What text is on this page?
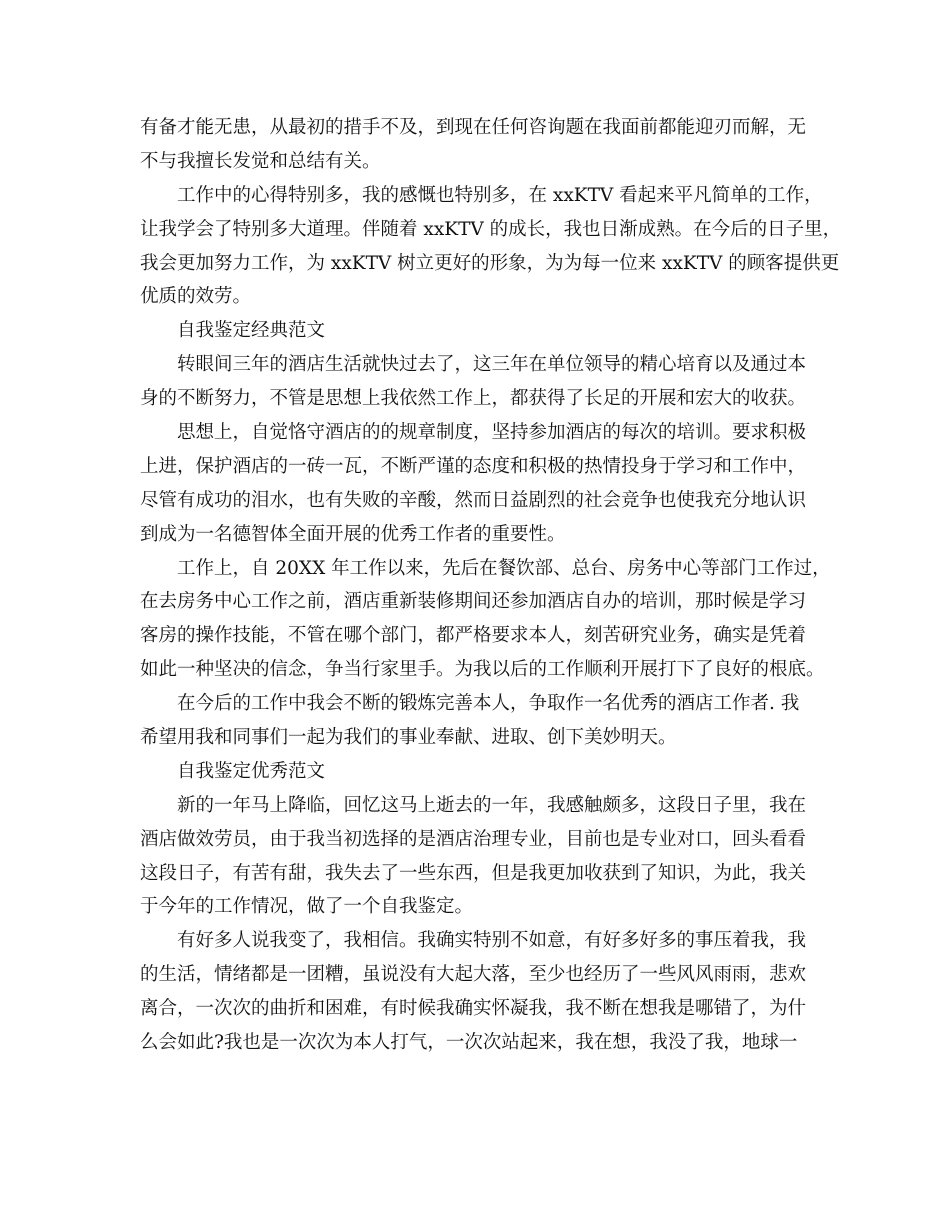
有备才能无患，从最初的措手不及，到现在任何咨询题在我面前都能迎刃而解，无
不与我擅长发觉和总结有关。
工作中的心得特别多，我的感慨也特别多，在 xxKTV 看起来平凡简单的工作，
让我学会了特别多大道理。伴随着 xxKTV 的成长，我也日渐成熟。在今后的日子里，
我会更加努力工作，为 xxKTV 树立更好的形象，为为每一位来 xxKTV 的顾客提供更
优质的效劳。
自我鉴定经典范文
转眼间三年的酒店生活就快过去了，这三年在单位领导的精心培育以及通过本
身的不断努力，不管是思想上我依然工作上，都获得了长足的开展和宏大的收获。
思想上，自觉恪守酒店的的规章制度，坚持参加酒店的每次的培训。要求积极
上进，保护酒店的一砖一瓦，不断严谨的态度和积极的热情投身于学习和工作中，
尽管有成功的泪水，也有失败的辛酸，然而日益剧烈的社会竞争也使我充分地认识
到成为一名德智体全面开展的优秀工作者的重要性。
工作上，自 20XX 年工作以来，先后在餐饮部、总台、房务中心等部门工作过，
在去房务中心工作之前，酒店重新装修期间还参加酒店自办的培训，那时候是学习
客房的操作技能，不管在哪个部门，都严格要求本人，刻苦研究业务，确实是凭着
如此一种坚决的信念，争当行家里手。为我以后的工作顺利开展打下了良好的根底。
在今后的工作中我会不断的锻炼完善本人，争取作一名优秀的酒店工作者. 我
希望用我和同事们一起为我们的事业奉献、进取、创下美妙明天。
自我鉴定优秀范文
新的一年马上降临，回忆这马上逝去的一年，我感触颇多，这段日子里，我在
酒店做效劳员，由于我当初选择的是酒店治理专业，目前也是专业对口，回头看看
这段日子，有苦有甜，我失去了一些东西，但是我更加收获到了知识，为此，我关
于今年的工作情况，做了一个自我鉴定。
有好多人说我变了，我相信。我确实特别不如意，有好多好多的事压着我，我
的生活，情绪都是一团糟，虽说没有大起大落，至少也经历了一些风风雨雨，悲欢
离合，一次次的曲折和困难，有时候我确实怀凝我，我不断在想我是哪错了，为什
么会如此?我也是一次次为本人打气，一次次站起来，我在想，我没了我，地球一
